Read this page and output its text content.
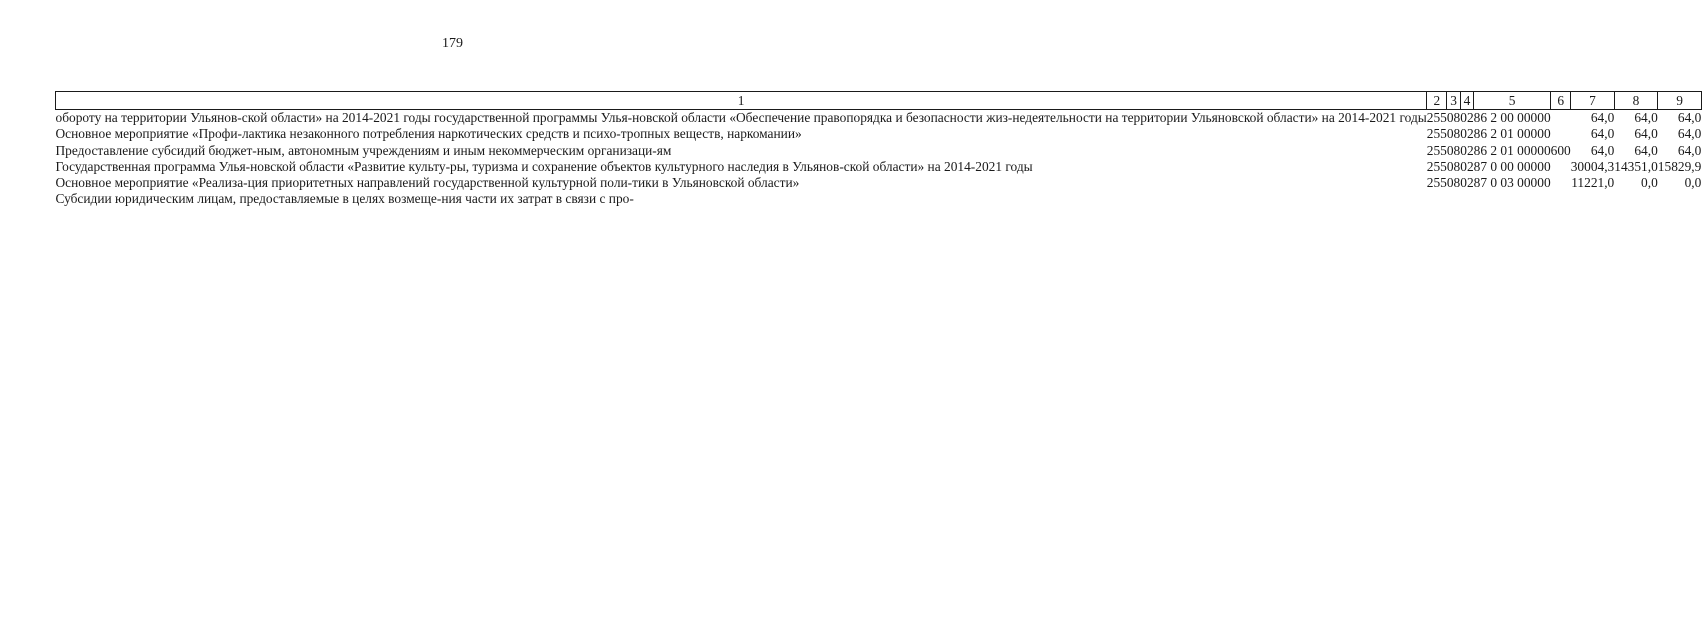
179
1	2	3	4	5	6	7	8	9
обороту на территории Ульянов-ской области» на 2014-2021 годы государственной программы Улья-новской области «Обеспечение правопорядка и безопасности жиз-недеятельности на территории Ульяновской области» на 2014-2021 годы	255	08	02	86 2 00 00000		64,0	64,0	64,0
Основное мероприятие «Профи-лактика незаконного потребления наркотических средств и психо-тропных веществ, наркомании»	255	08	02	86 2 01 00000		64,0	64,0	64,0
Предоставление субсидий бюджет-ным, автономным учреждениям и иным некоммерческим организаци-ям	255	08	02	86 2 01 00000	600	64,0	64,0	64,0
Государственная программа Улья-новской области «Развитие культу-ры, туризма и сохранение объектов культурного наследия в Ульянов-ской области» на 2014-2021 годы	255	08	02	87 0 00 00000		30004,3	14351,0	15829,9
Основное мероприятие «Реализа-ция приоритетных направлений государственной культурной поли-тики в Ульяновской области»	255	08	02	87 0 03 00000		11221,0	0,0	0,0
Субсидии юридическим лицам, предоставляемые в целях возмеще-ния части их затрат в связи с про-								
